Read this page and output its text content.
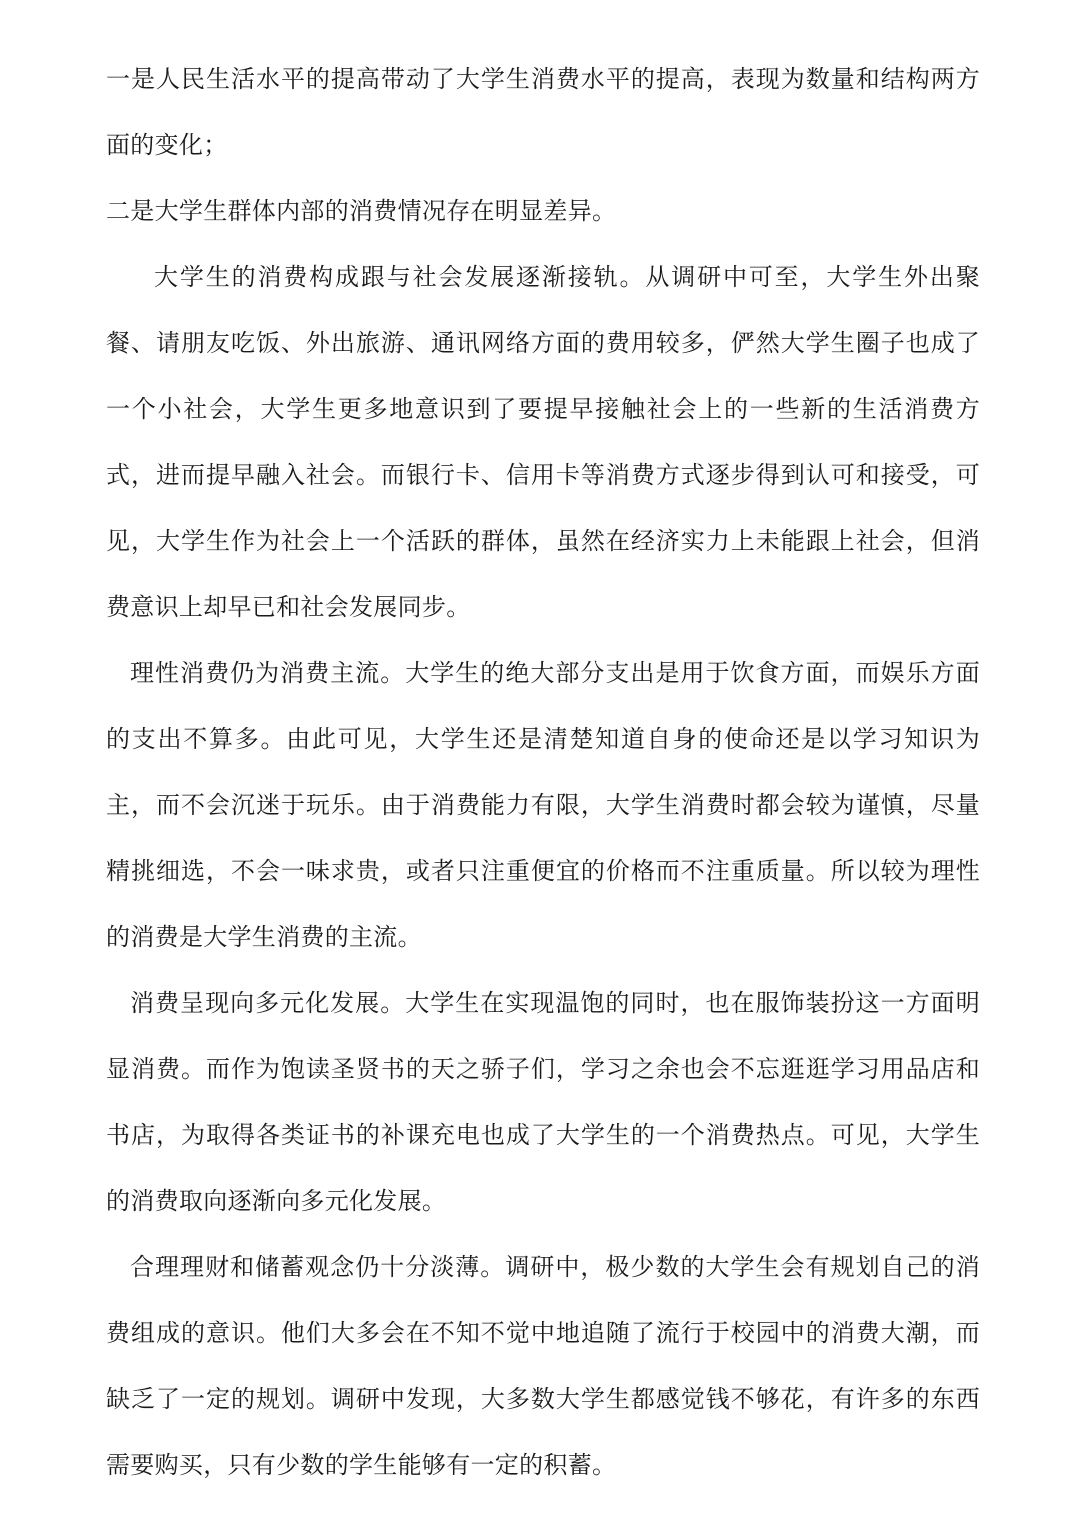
一是人民生活水平的提高带动了大学生消费水平的提高，表现为数量和结构两方面的变化；

二是大学生群体内部的消费情况存在明显差异。

大学生的消费构成跟与社会发展逐渐接轨。从调研中可至，大学生外出聚餐、请朋友吃饭、外出旅游、通讯网络方面的费用较多，俨然大学生圈子也成了一个小社会，大学生更多地意识到了要提早接触社会上的一些新的生活消费方式，进而提早融入社会。而银行卡、信用卡等消费方式逐步得到认可和接受，可见，大学生作为社会上一个活跃的群体，虽然在经济实力上未能跟上社会，但消费意识上却早已和社会发展同步。

理性消费仍为消费主流。大学生的绝大部分支出是用于饮食方面，而娱乐方面的支出不算多。由此可见，大学生还是清楚知道自身的使命还是以学习知识为主，而不会沉迷于玩乐。由于消费能力有限，大学生消费时都会较为谨慎，尽量精挑细选，不会一味求贵，或者只注重便宜的价格而不注重质量。所以较为理性的消费是大学生消费的主流。

消费呈现向多元化发展。大学生在实现温饱的同时，也在服饰装扮这一方面明显消费。而作为饱读圣贤书的天之骄子们，学习之余也会不忘逛逛学习用品店和书店，为取得各类证书的补课充电也成了大学生的一个消费热点。可见，大学生的消费取向逐渐向多元化发展。

合理理财和储蓄观念仍十分淡薄。调研中，极少数的大学生会有规划自己的消费组成的意识。他们大多会在不知不觉中地追随了流行于校园中的消费大潮，而缺乏了一定的规划。调研中发现，大多数大学生都感觉钱不够花，有许多的东西需要购买，只有少数的学生能够有一定的积蓄。
